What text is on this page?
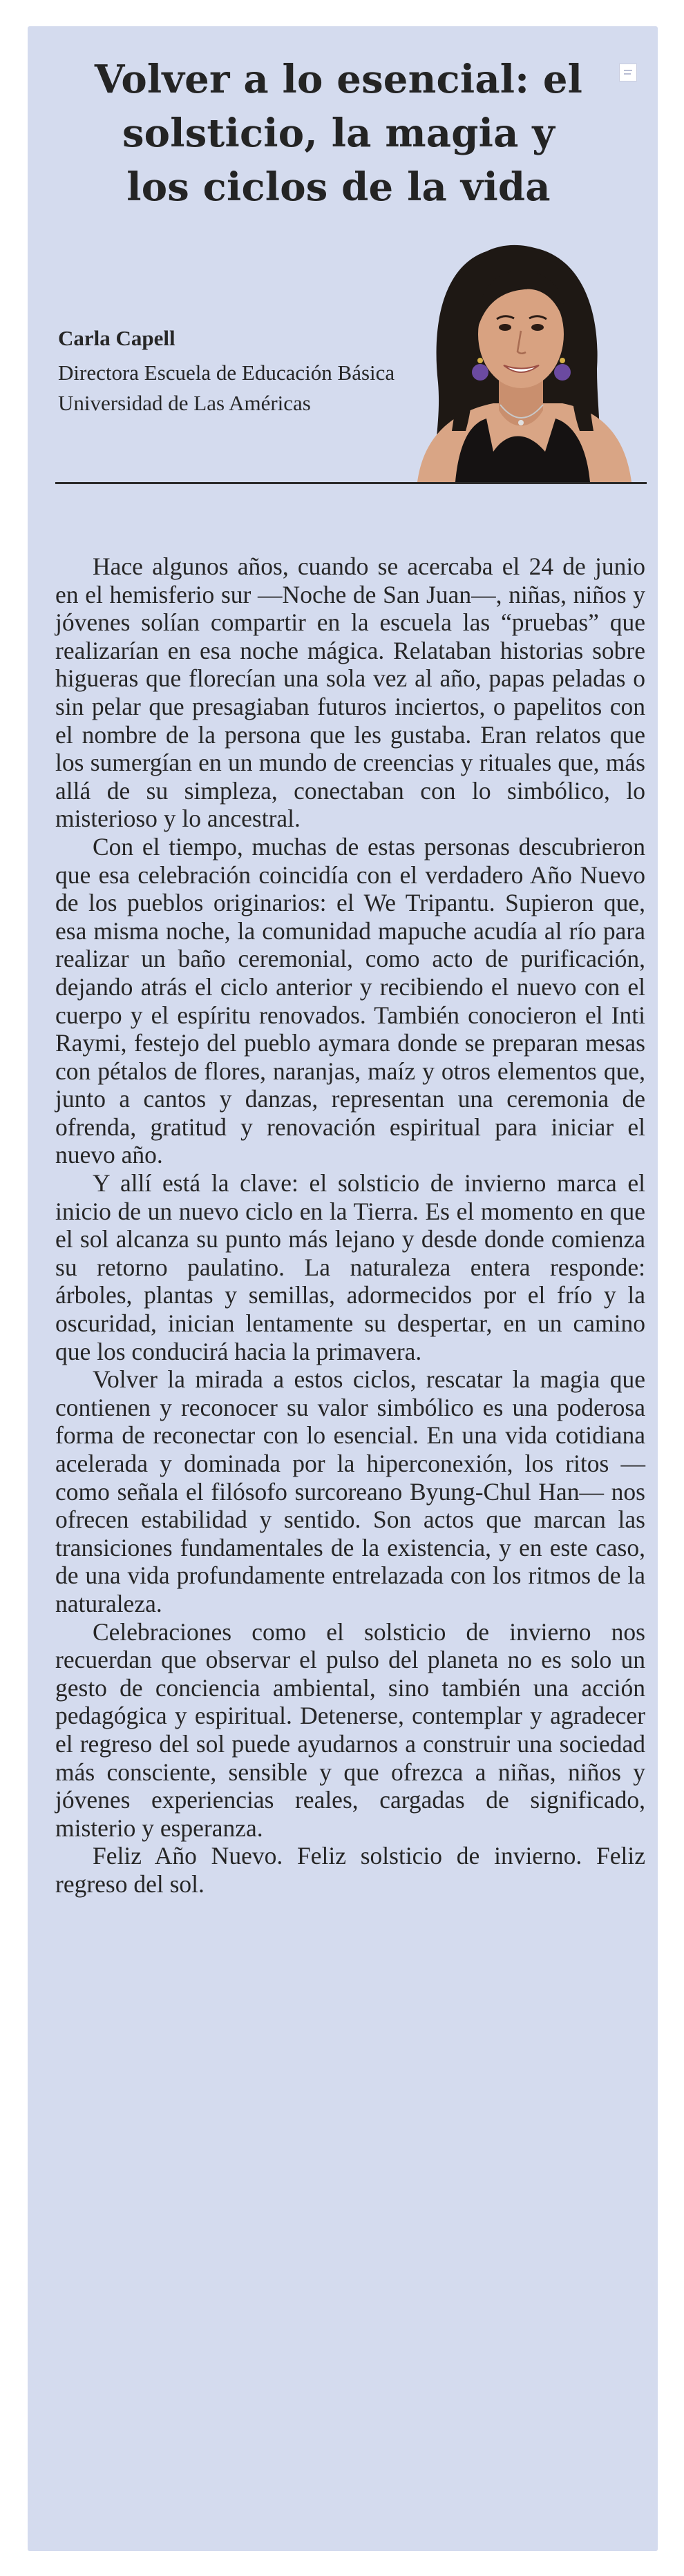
Volver a lo esencial: el solsticio, la magia y los ciclos de la vida
Carla Capell
Directora Escuela de Educación Básica Universidad de Las Américas

Hace algunos años, cuando se acercaba el 24 de junio en el hemisferio sur —Noche de San Juan—, niñas, niños y jóvenes solían compartir en la escuela las “pruebas” que realizarían en esa noche mágica. Relataban historias sobre higueras que florecían una sola vez al año, papas peladas o sin pelar que presagiaban futuros inciertos, o papelitos con el nombre de la persona que les gustaba. Eran relatos que los sumergían en un mundo de creencias y rituales que, más allá de su simpleza, conectaban con lo simbólico, lo misterioso y lo ancestral.

Con el tiempo, muchas de estas personas descubrieron que esa celebración coincidía con el verdadero Año Nuevo de los pueblos originarios: el We Tripantu. Supieron que, esa misma noche, la comunidad mapuche acudía al río para realizar un baño ceremonial, como acto de purificación, dejando atrás el ciclo anterior y recibiendo el nuevo con el cuerpo y el espíritu renovados. También conocieron el Inti Raymi, festejo del pueblo aymara donde se preparan mesas con pétalos de flores, naranjas, maíz y otros elementos que, junto a cantos y danzas, representan una ceremonia de ofrenda, gratitud y renovación espiritual para iniciar el nuevo año.

Y allí está la clave: el solsticio de invierno marca el inicio de un nuevo ciclo en la Tierra. Es el momento en que el sol alcanza su punto más lejano y desde donde comienza su retorno paulatino. La naturaleza entera responde: árboles, plantas y semillas, adormecidos por el frío y la oscuridad, inician lentamente su despertar, en un camino que los conducirá hacia la primavera.

Volver la mirada a estos ciclos, rescatar la magia que contienen y reconocer su valor simbólico es una poderosa forma de reconectar con lo esencial. En una vida cotidiana acelerada y dominada por la hiperconexión, los ritos —como señala el filósofo surcoreano Byung-Chul Han— nos ofrecen estabilidad y sentido. Son actos que marcan las transiciones fundamentales de la existencia, y en este caso, de una vida profundamente entrelazada con los ritmos de la naturaleza.

Celebraciones como el solsticio de invierno nos recuerdan que observar el pulso del planeta no es solo un gesto de conciencia ambiental, sino también una acción pedagógica y espiritual. Detenerse, contemplar y agradecer el regreso del sol puede ayudarnos a construir una sociedad más consciente, sensible y que ofrezca a niñas, niños y jóvenes experiencias reales, cargadas de significado, misterio y esperanza.

Feliz Año Nuevo. Feliz solsticio de invierno. Feliz regreso del sol.
